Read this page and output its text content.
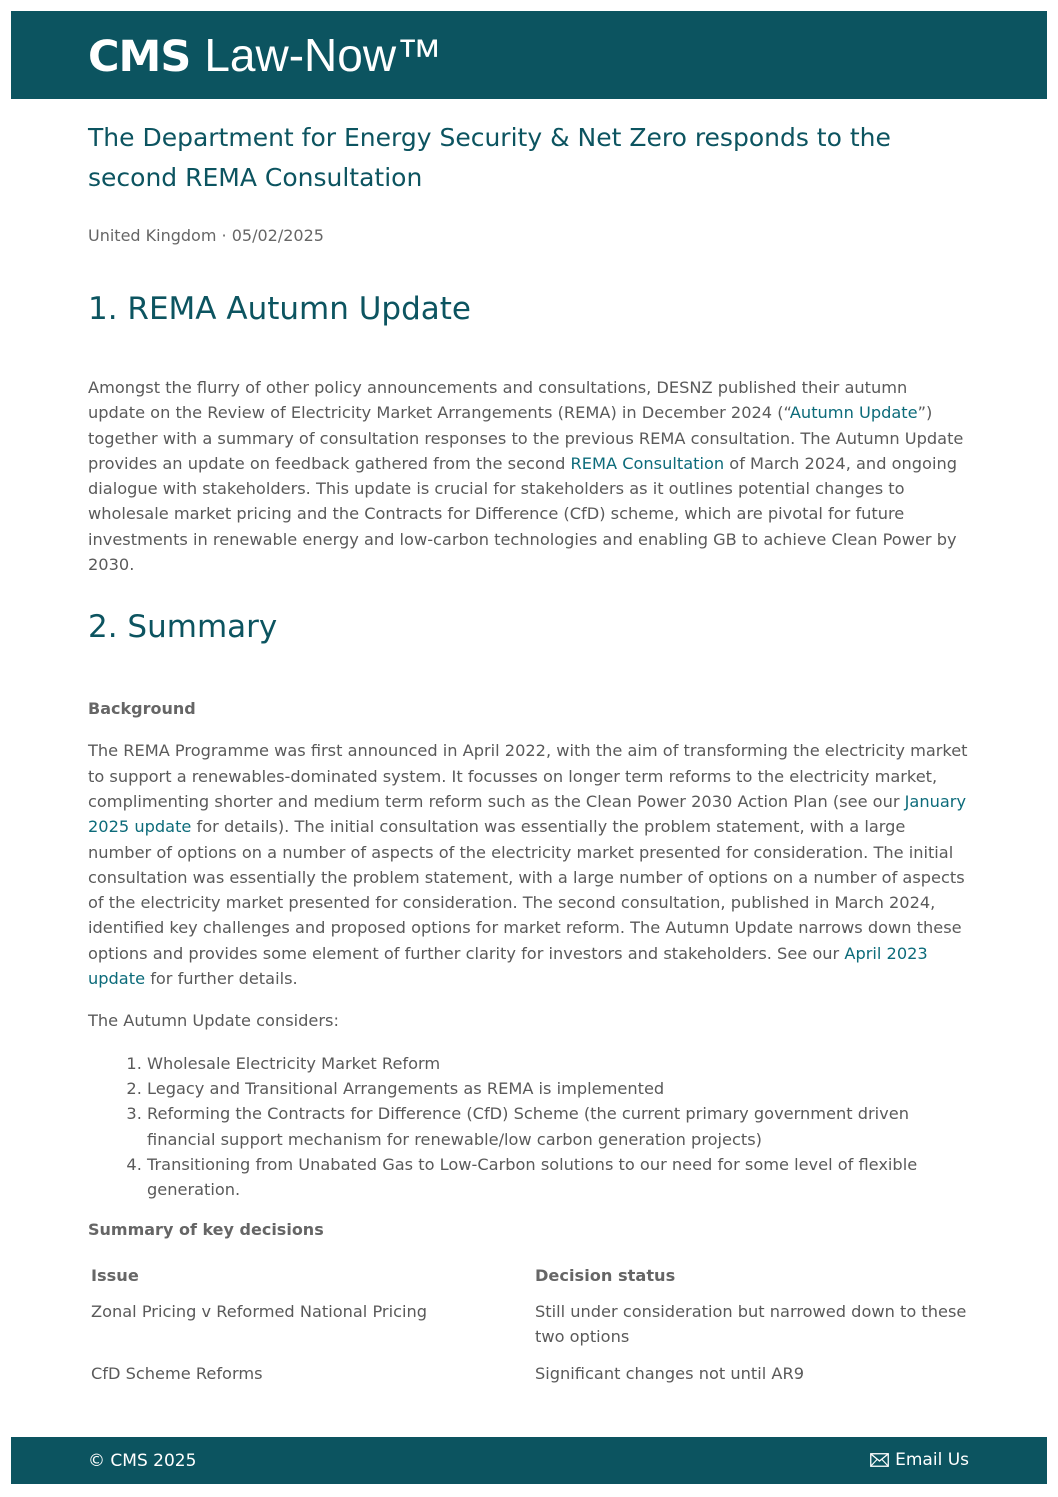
CMS Law-Now™
The Department for Energy Security & Net Zero responds to the second REMA Consultation
United Kingdom · 05/02/2025
1. REMA Autumn Update

Amongst the flurry of other policy announcements and consultations, DESNZ published their autumn update on the Review of Electricity Market Arrangements (REMA) in December 2024 (“Autumn Update”) together with a summary of consultation responses to the previous REMA consultation. The Autumn Update provides an update on feedback gathered from the second REMA Consultation of March 2024, and ongoing dialogue with stakeholders. This update is crucial for stakeholders as it outlines potential changes to wholesale market pricing and the Contracts for Difference (CfD) scheme, which are pivotal for future investments in renewable energy and low-carbon technologies and enabling GB to achieve Clean Power by 2030.

2. Summary
Background

The REMA Programme was first announced in April 2022, with the aim of transforming the electricity market to support a renewables-dominated system. It focusses on longer term reforms to the electricity market, complimenting shorter and medium term reform such as the Clean Power 2030 Action Plan (see our January 2025 update for details). The initial consultation was essentially the problem statement, with a large number of options on a number of aspects of the electricity market presented for consideration. The initial consultation was essentially the problem statement, with a large number of options on a number of aspects of the electricity market presented for consideration. The second consultation, published in March 2024, identified key challenges and proposed options for market reform. The Autumn Update narrows down these options and provides some element of further clarity for investors and stakeholders. See our April 2023 update for further details.

The Autumn Update considers:

1. Wholesale Electricity Market Reform
2. Legacy and Transitional Arrangements as REMA is implemented
3. Reforming the Contracts for Difference (CfD) Scheme (the current primary government driven financial support mechanism for renewable/low carbon generation projects)
4. Transitioning from Unabated Gas to Low-Carbon solutions to our need for some level of flexible generation.
Summary of key decisions
Issue	Decision status
Zonal Pricing v Reformed National Pricing	Still under consideration but narrowed down to these two options
CfD Scheme Reforms	Significant changes not until AR9
© CMS 2025	Email Us
